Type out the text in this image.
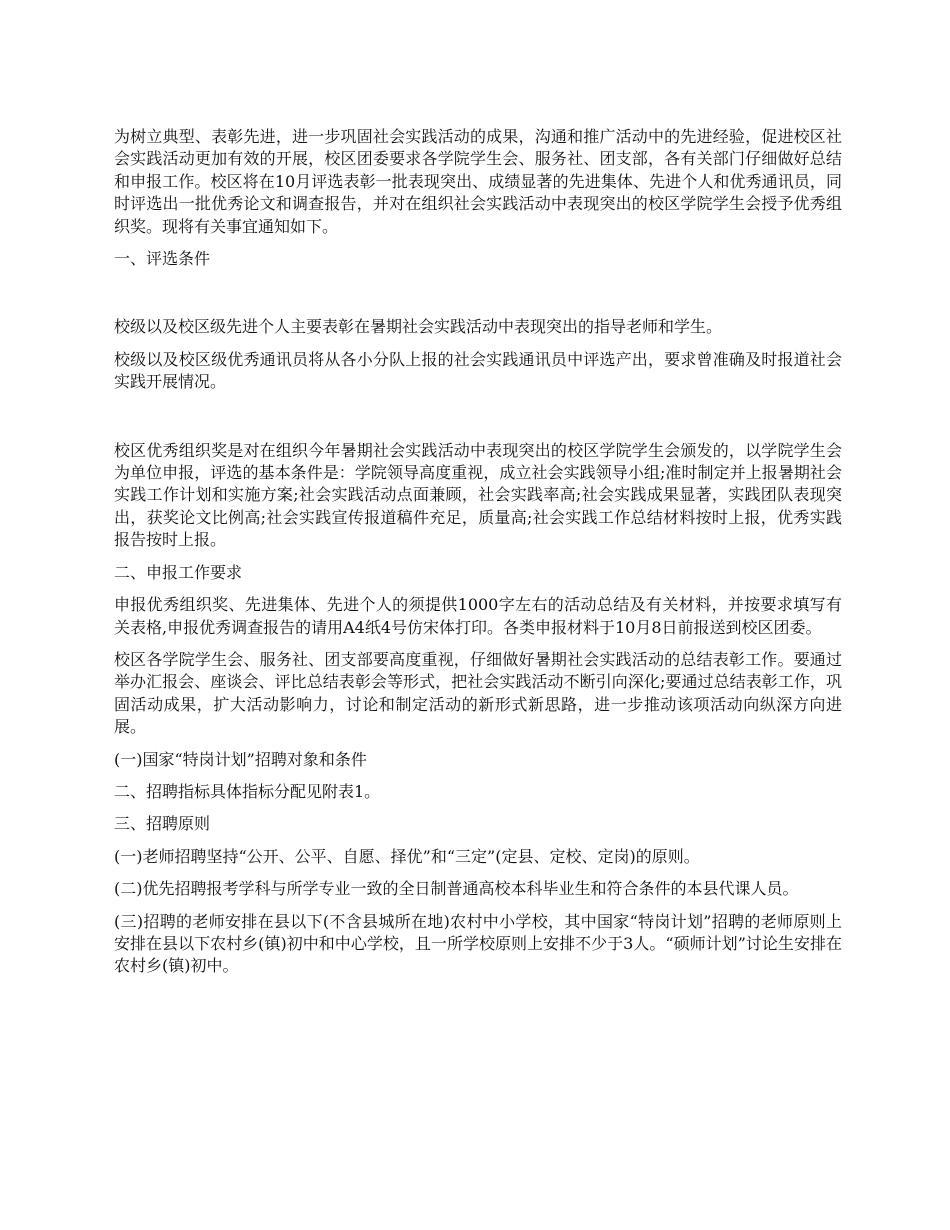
为树立典型、表彰先进，进一步巩固社会实践活动的成果，沟通和推广活动中的先进经验，促进校区社会实践活动更加有效的开展，校区团委要求各学院学生会、服务社、团支部，各有关部门仔细做好总结和申报工作。校区将在10月评选表彰一批表现突出、成绩显著的先进集体、先进个人和优秀通讯员，同时评选出一批优秀论文和调查报告，并对在组织社会实践活动中表现突出的校区学院学生会授予优秀组织奖。现将有关事宜通知如下。

一、评选条件

校级以及校区级先进个人主要表彰在暑期社会实践活动中表现突出的指导老师和学生。

校级以及校区级优秀通讯员将从各小分队上报的社会实践通讯员中评选产出，要求曾准确及时报道社会实践开展情况。

校区优秀组织奖是对在组织今年暑期社会实践活动中表现突出的校区学院学生会颁发的，以学院学生会为单位申报，评选的基本条件是：学院领导高度重视，成立社会实践领导小组;准时制定并上报暑期社会实践工作计划和实施方案;社会实践活动点面兼顾，社会实践率高;社会实践成果显著，实践团队表现突出，获奖论文比例高;社会实践宣传报道稿件充足，质量高;社会实践工作总结材料按时上报，优秀实践报告按时上报。

二、申报工作要求

申报优秀组织奖、先进集体、先进个人的须提供1000字左右的活动总结及有关材料，并按要求填写有关表格,申报优秀调查报告的请用A4纸4号仿宋体打印。各类申报材料于10月8日前报送到校区团委。

校区各学院学生会、服务社、团支部要高度重视，仔细做好暑期社会实践活动的总结表彰工作。要通过举办汇报会、座谈会、评比总结表彰会等形式，把社会实践活动不断引向深化;要通过总结表彰工作，巩固活动成果，扩大活动影响力，讨论和制定活动的新形式新思路，进一步推动该项活动向纵深方向进展。

(一)国家“特岗计划”招聘对象和条件

二、招聘指标具体指标分配见附表1。

三、招聘原则

(一)老师招聘坚持“公开、公平、自愿、择优”和“三定”(定县、定校、定岗)的原则。

(二)优先招聘报考学科与所学专业一致的全日制普通高校本科毕业生和符合条件的本县代课人员。

(三)招聘的老师安排在县以下(不含县城所在地)农村中小学校，其中国家“特岗计划”招聘的老师原则上安排在县以下农村乡(镇)初中和中心学校，且一所学校原则上安排不少于3人。“硕师计划”讨论生安排在农村乡(镇)初中。
